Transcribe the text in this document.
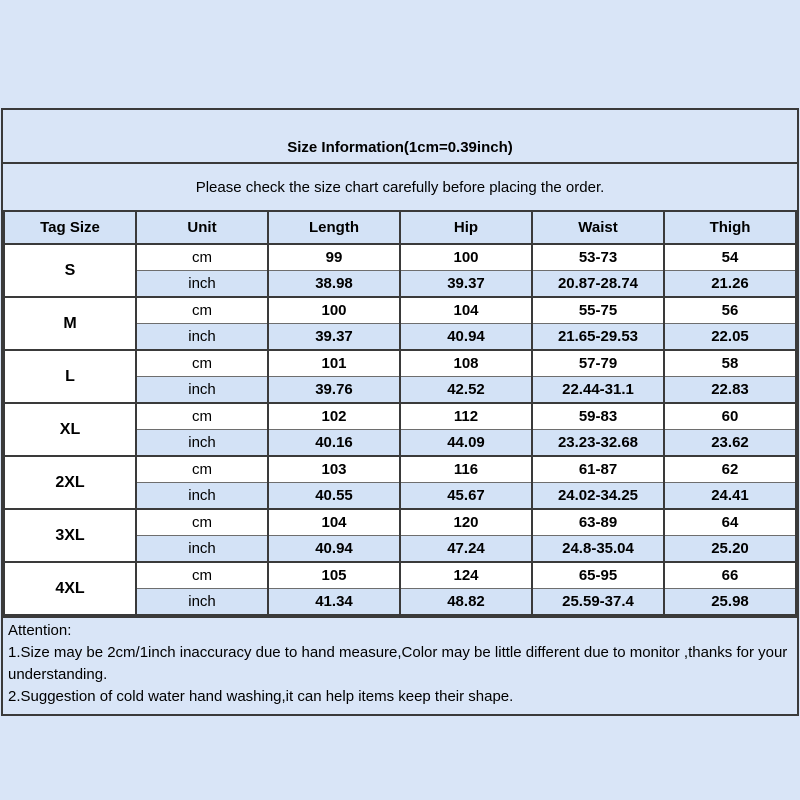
Size Information(1cm=0.39inch)
Please check the size chart carefully before placing the order.
Tag Size	Unit	Length	Hip	Waist	Thigh
S	cm	99	100	53-73	54
	inch	38.98	39.37	20.87-28.74	21.26
M	cm	100	104	55-75	56
	inch	39.37	40.94	21.65-29.53	22.05
L	cm	101	108	57-79	58
	inch	39.76	42.52	22.44-31.1	22.83
XL	cm	102	112	59-83	60
	inch	40.16	44.09	23.23-32.68	23.62
2XL	cm	103	116	61-87	62
	inch	40.55	45.67	24.02-34.25	24.41
3XL	cm	104	120	63-89	64
	inch	40.94	47.24	24.8-35.04	25.20
4XL	cm	105	124	65-95	66
	inch	41.34	48.82	25.59-37.4	25.98

Attention:

1.Size may be 2cm/1inch inaccuracy due to hand measure,Color may be little different due to monitor ,thanks for your understanding.

2.Suggestion of cold water hand washing,it can help items keep their shape.
